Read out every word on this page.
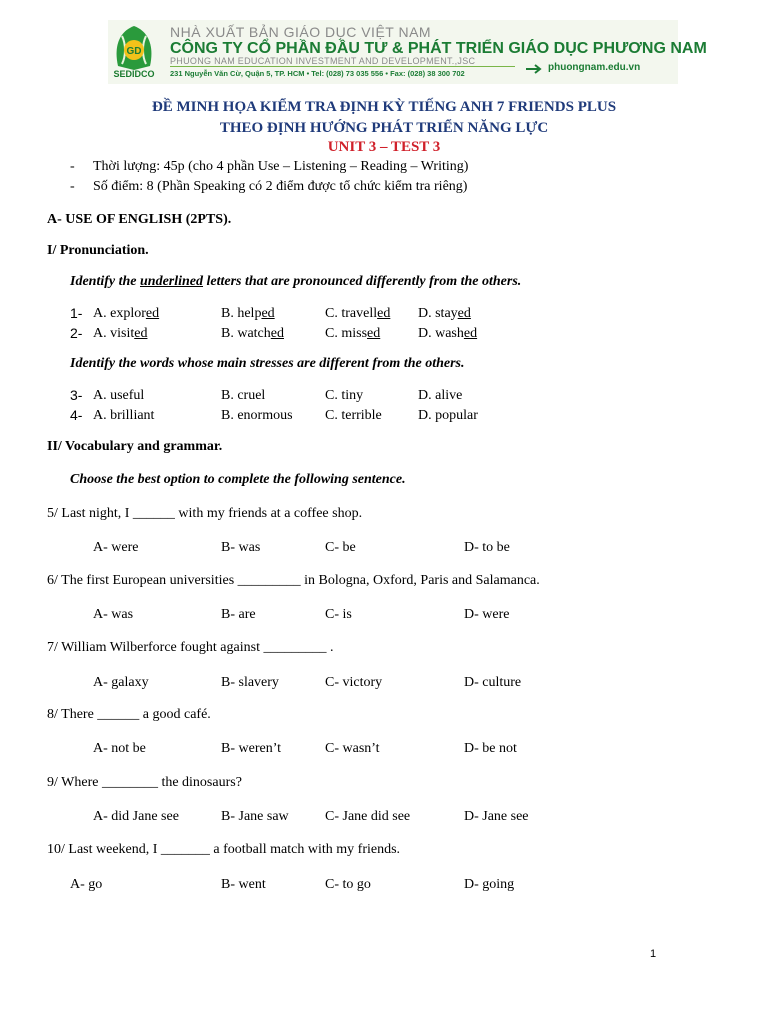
GD
SEDIDCO
NHÀ XUẤT BẢN GIÁO DỤC VIỆT NAM
CÔNG TY CỔ PHẦN ĐẦU TƯ & PHÁT TRIỂN GIÁO DỤC PHƯƠNG NAM
PHUONG NAM EDUCATION INVESTMENT AND DEVELOPMENT.,JSC
231 Nguyễn Văn Cừ, Quận 5, TP. HCM • Tel: (028) 73 035 556 • Fax: (028) 38 300 702
phuongnam.edu.vn
ĐỀ MINH HỌA KIỂM TRA ĐỊNH KỲ TIẾNG ANH 7 FRIENDS PLUS
THEO ĐỊNH HƯỚNG PHÁT TRIỂN NĂNG LỰC
UNIT 3 – TEST 3
- Thời lượng: 45p (cho 4 phần Use – Listening – Reading – Writing)
- Số điểm: 8 (Phần Speaking có 2 điểm được tổ chức kiểm tra riêng)
A- USE OF ENGLISH (2PTS).
I/ Pronunciation.
Identify the underlined letters that are pronounced differently from the others.
1- A. explored	B. helped	C. travelled D. stayed
2- A. visited	B. watched	C. missed	D. washed
Identify the words whose main stresses are different from the others.
3- A. useful	B. cruel	C. tiny	D. alive
4- A. brilliant	B. enormous C. terrible	D. popular
II/ Vocabulary and grammar.
Choose the best option to complete the following sentence.
5/ Last night, I ______ with my friends at a coffee shop.
A- were	B- was	C- be	D- to be
6/ The first European universities _________ in Bologna, Oxford, Paris and Salamanca.
A- was	B- are	C- is	D- were
7/ William Wilberforce fought against _________ .
A- galaxy	B- slavery	C- victory	D- culture
8/ There ______ a good café.
A- not be	B- weren’t	C- wasn’t	D- be not
9/ Where ________ the dinosaurs?
A- did Jane see	B- Jane saw	C- Jane did see	D- Jane see
10/ Last weekend, I _______ a football match with my friends.
A- go	B- went	C- to go	D- going
1
